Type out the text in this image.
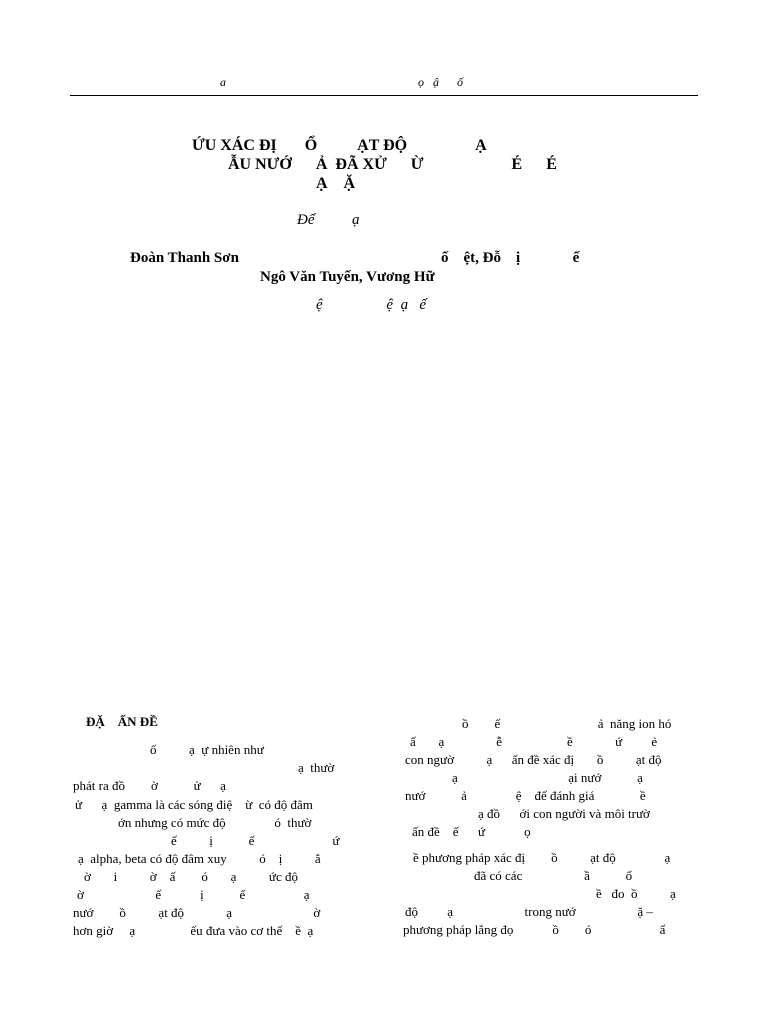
a	ọ   ậ      ố
ỨU XÁC ĐỊ       Ổ          ẠT ĐỘ                 Ạ
ẪU NƯỚ      Ả  ĐÃ XỬ      Ừ                      É      É
Ạ    Ặ
Để          ạ
Đoàn Thanh Sơn	ố    ệt, Đỗ    ị              ế
Ngô Văn Tuyến, Vương Hữ
ệ                 ệ  ạ   ế
ĐẶ    ẤN ĐỀ
ố          ạ  ự nhiên như
ạ  thườ
phát ra đồ        ờ           ử      ạ
ử      ạ  gamma là các sóng điệ    ừ  có độ đâm
ớn nhưng có mức độ               ó  thườ
ế          ị           ế                        ứ
ạ  alpha, beta có độ đâm xuy          ó    ị          ắ
ờ       i          ờ    ấ        ó       ạ          ức độ
ờ                      ế            ị           ế                  ạ
nướ        ồ          ạt độ             ạ                         ờ
hơn giờ     ạ                 ếu đưa vào cơ thể    ề  ạ
ồ        ế                              ả  năng ion hó
ấ       ạ                ễ                    ề             ứ         ẻ
con ngườ          ạ      ấn đề xác đị       ồ          ạt độ
ạ                                  ại nướ           ạ
nướ           ả               ệ    để đánh giá              ề
ạ đồ      ới con người và môi trườ
ấn đề    ế      ứ            ọ
ề phương pháp xác đị        ồ          ạt độ               ạ
đã có các                   ầ           ố
ề   đo  ồ          ạ
độ         ạ                      trong nướ                   ặ –
phương pháp lắng đọ            ồ        ó                     ẩ
